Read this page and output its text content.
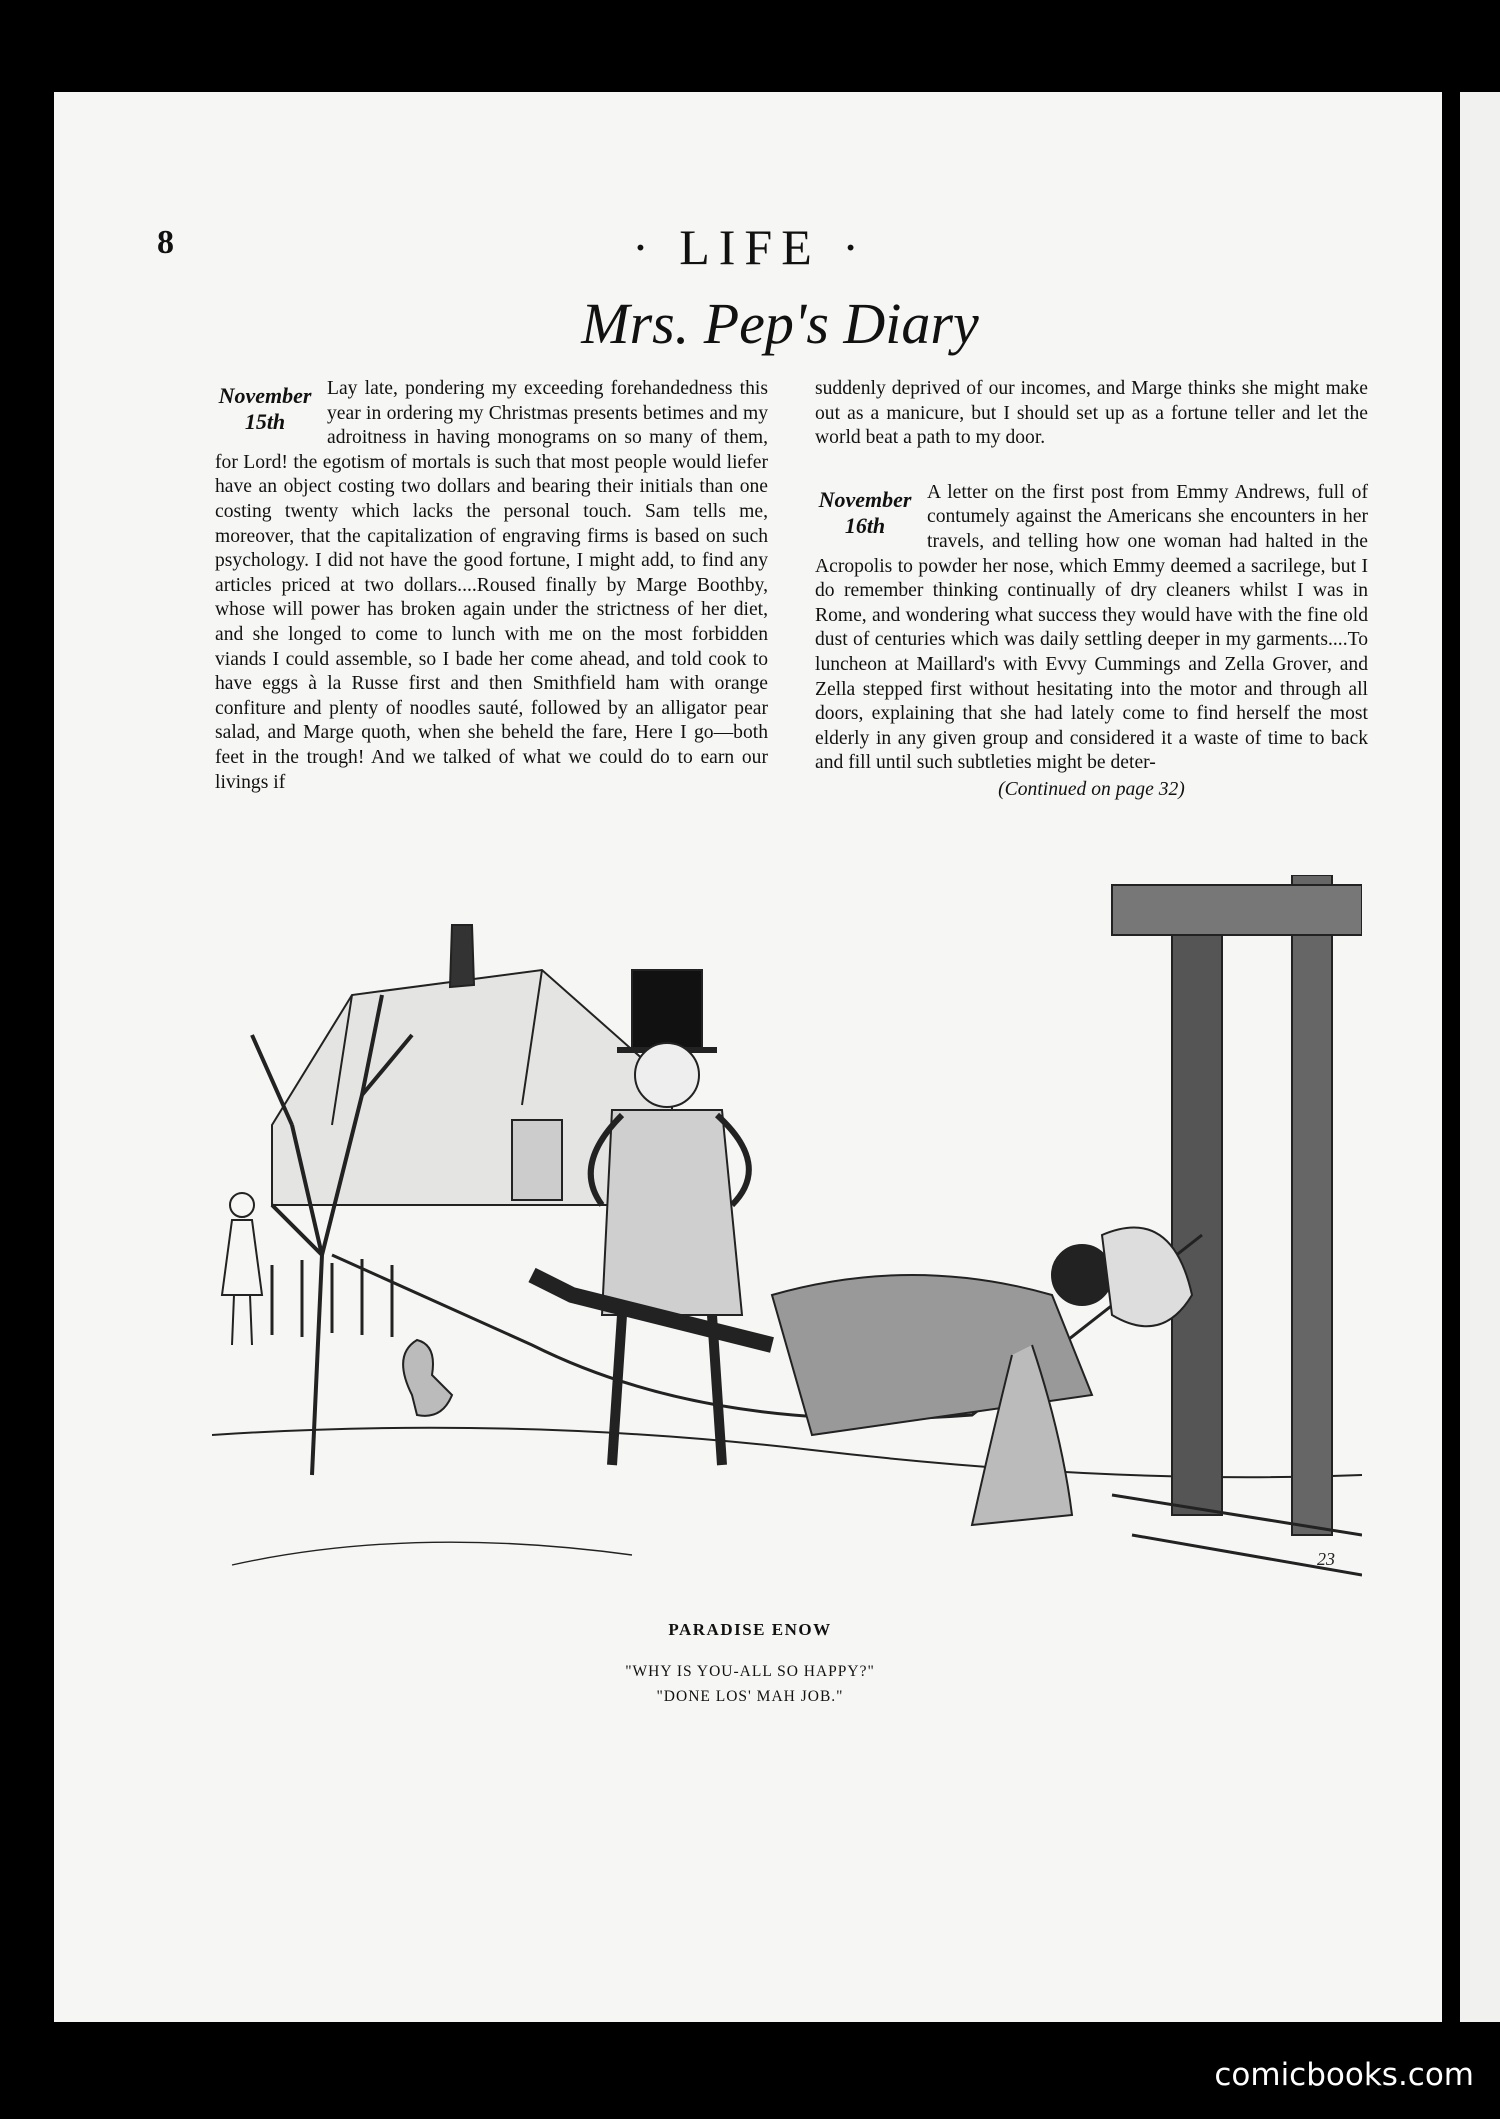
8	· LIFE ·
Mrs. Pep's Diary
November
15th
Lay late, pondering my exceeding forehandedness this year in ordering my Christmas presents betimes and my adroitness in having monograms on so many of them, for Lord! the egotism of mortals is such that most people would liefer have an object costing two dollars and bearing their initials than one costing twenty which lacks the personal touch. Sam tells me, moreover, that the capitalization of engraving firms is based on such psychology. I did not have the good fortune, I might add, to find any articles priced at two dollars....Roused finally by Marge Boothby, whose will power has broken again under the strictness of her diet, and she longed to come to lunch with me on the most forbidden viands I could assemble, so I bade her come ahead, and told cook to have eggs à la Russe first and then Smithfield ham with orange confiture and plenty of noodles sauté, followed by an alligator pear salad, and Marge quoth, when she beheld the fare, Here I go—both feet in the trough! And we talked of what we could do to earn our livings if
suddenly deprived of our incomes, and Marge thinks she might make out as a manicure, but I should set up as a fortune teller and let the world beat a path to my door.
November
16th
A letter on the first post from Emmy Andrews, full of contumely against the Americans she encounters in her travels, and telling how one woman had halted in the Acropolis to powder her nose, which Emmy deemed a sacrilege, but I do remember thinking continually of dry cleaners whilst I was in Rome, and wondering what success they would have with the fine old dust of centuries which was daily settling deeper in my garments....To luncheon at Maillard's with Evvy Cummings and Zella Grover, and Zella stepped first without hesitating into the motor and through all doors, explaining that she had lately come to find herself the most elderly in any given group and considered it a waste of time to back and fill until such subtleties might be deter-
(Continued on page 32)
23
PARADISE ENOW
"WHY IS YOU-ALL SO HAPPY?"
"DONE LOS' MAH JOB."
comicbooks.com
